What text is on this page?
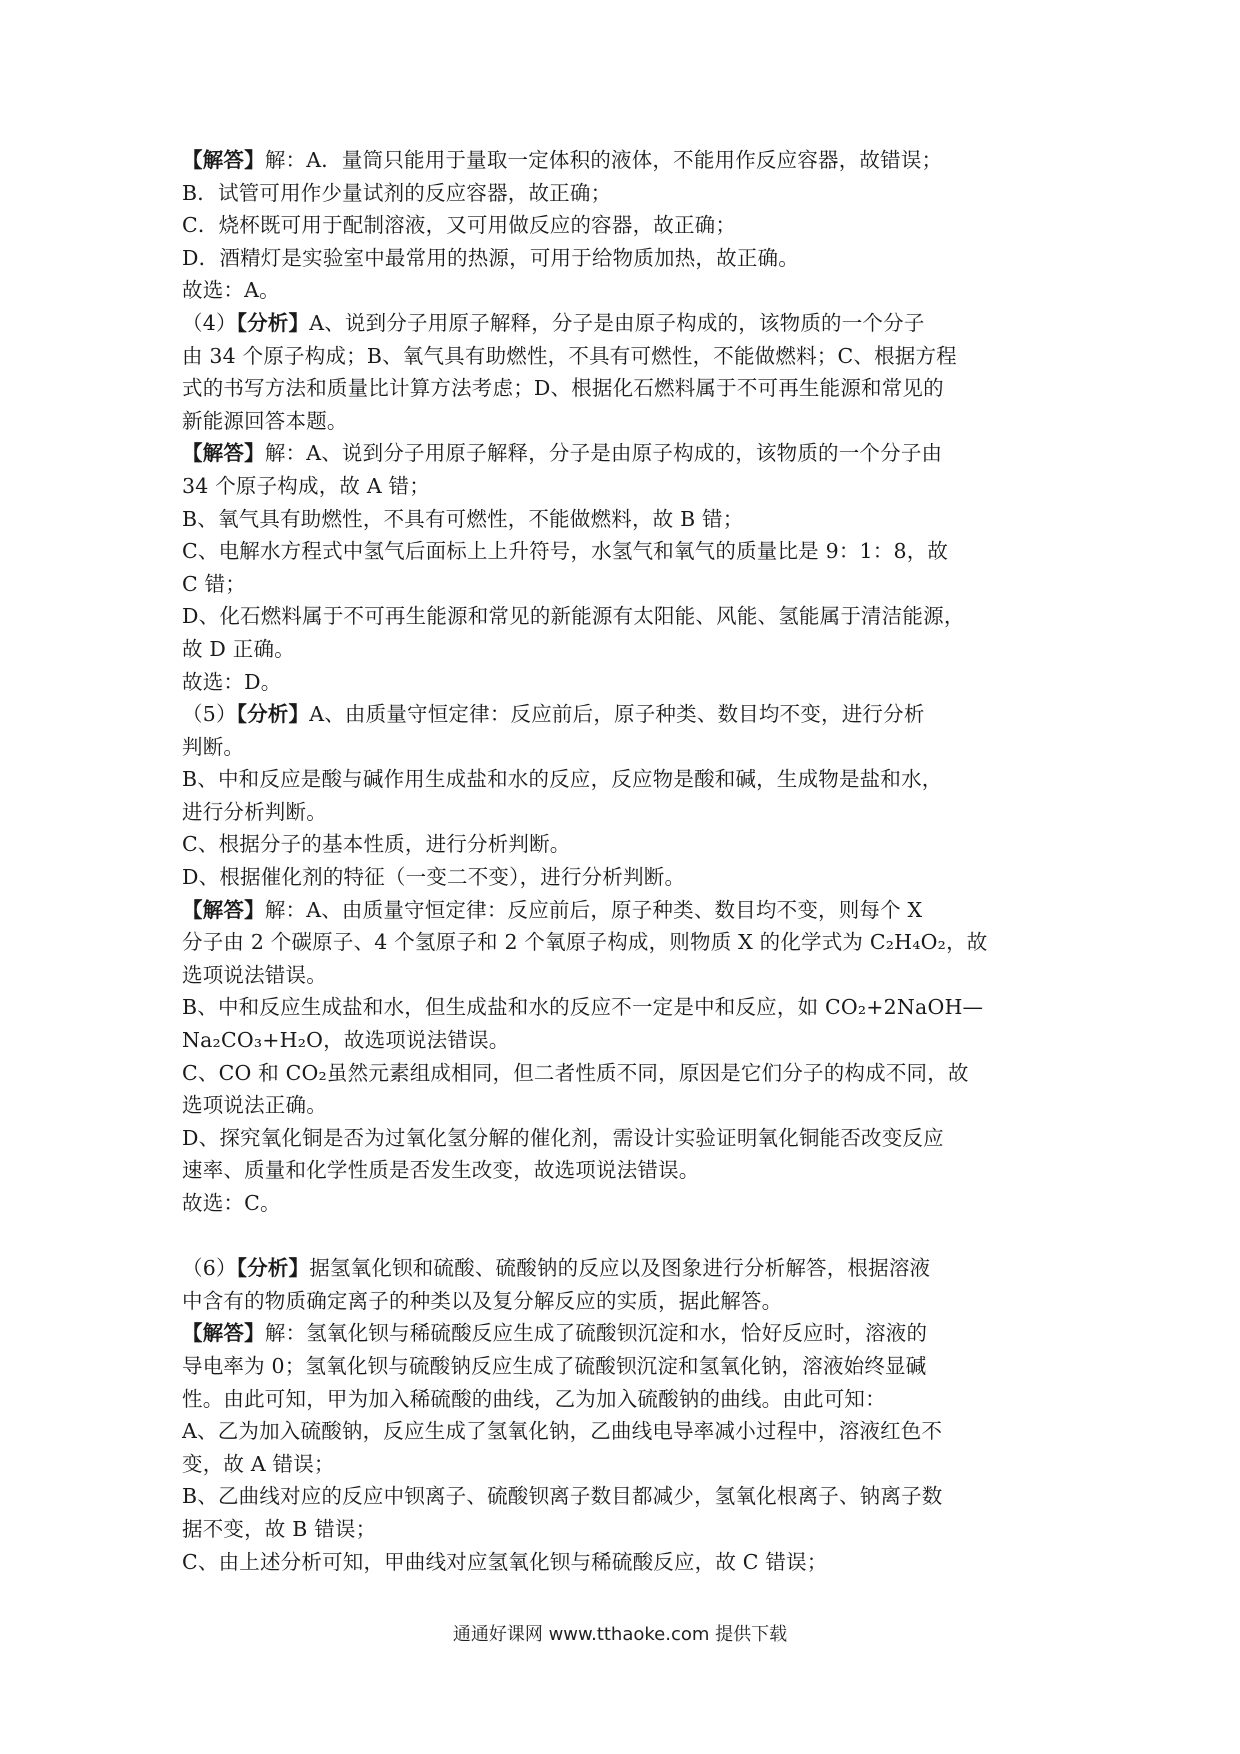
【解答】解：A．量筒只能用于量取一定体积的液体，不能用作反应容器，故错误；
B．试管可用作少量试剂的反应容器，故正确；
C．烧杯既可用于配制溶液，又可用做反应的容器，故正确；
D．酒精灯是实验室中最常用的热源，可用于给物质加热，故正确。
故选：A。
（4）【分析】A、说到分子用原子解释，分子是由原子构成的，该物质的一个分子
由 34 个原子构成；B、氧气具有助燃性，不具有可燃性，不能做燃料；C、根据方程
式的书写方法和质量比计算方法考虑；D、根据化石燃料属于不可再生能源和常见的
新能源回答本题。
【解答】解：A、说到分子用原子解释，分子是由原子构成的，该物质的一个分子由
34 个原子构成，故 A 错；
B、氧气具有助燃性，不具有可燃性，不能做燃料，故 B 错；
C、电解水方程式中氢气后面标上上升符号，水氢气和氧气的质量比是 9：1：8，故
C 错；
D、化石燃料属于不可再生能源和常见的新能源有太阳能、风能、氢能属于清洁能源，
故 D 正确。
故选：D。
（5）【分析】A、由质量守恒定律：反应前后，原子种类、数目均不变，进行分析
判断。
B、中和反应是酸与碱作用生成盐和水的反应，反应物是酸和碱，生成物是盐和水，
进行分析判断。
C、根据分子的基本性质，进行分析判断。
D、根据催化剂的特征（一变二不变），进行分析判断。
【解答】解：A、由质量守恒定律：反应前后，原子种类、数目均不变，则每个 X
分子由 2 个碳原子、4 个氢原子和 2 个氧原子构成，则物质 X 的化学式为 C₂H₄O₂，故
选项说法错误。
B、中和反应生成盐和水，但生成盐和水的反应不一定是中和反应，如 CO₂+2NaOH—
Na₂CO₃+H₂O，故选项说法错误。
C、CO 和 CO₂虽然元素组成相同，但二者性质不同，原因是它们分子的构成不同，故
选项说法正确。
D、探究氧化铜是否为过氧化氢分解的催化剂，需设计实验证明氧化铜能否改变反应
速率、质量和化学性质是否发生改变，故选项说法错误。
故选：C。
（6）【分析】据氢氧化钡和硫酸、硫酸钠的反应以及图象进行分析解答，根据溶液
中含有的物质确定离子的种类以及复分解反应的实质，据此解答。
【解答】解：氢氧化钡与稀硫酸反应生成了硫酸钡沉淀和水，恰好反应时，溶液的
导电率为 0；氢氧化钡与硫酸钠反应生成了硫酸钡沉淀和氢氧化钠，溶液始终显碱
性。由此可知，甲为加入稀硫酸的曲线，乙为加入硫酸钠的曲线。由此可知：
A、乙为加入硫酸钠，反应生成了氢氧化钠，乙曲线电导率减小过程中，溶液红色不
变，故 A 错误；
B、乙曲线对应的反应中钡离子、硫酸钡离子数目都减少，氢氧化根离子、钠离子数
据不变，故 B 错误；
C、由上述分析可知，甲曲线对应氢氧化钡与稀硫酸反应，故 C 错误；
通通好课网 www.tthaoke.com 提供下载
